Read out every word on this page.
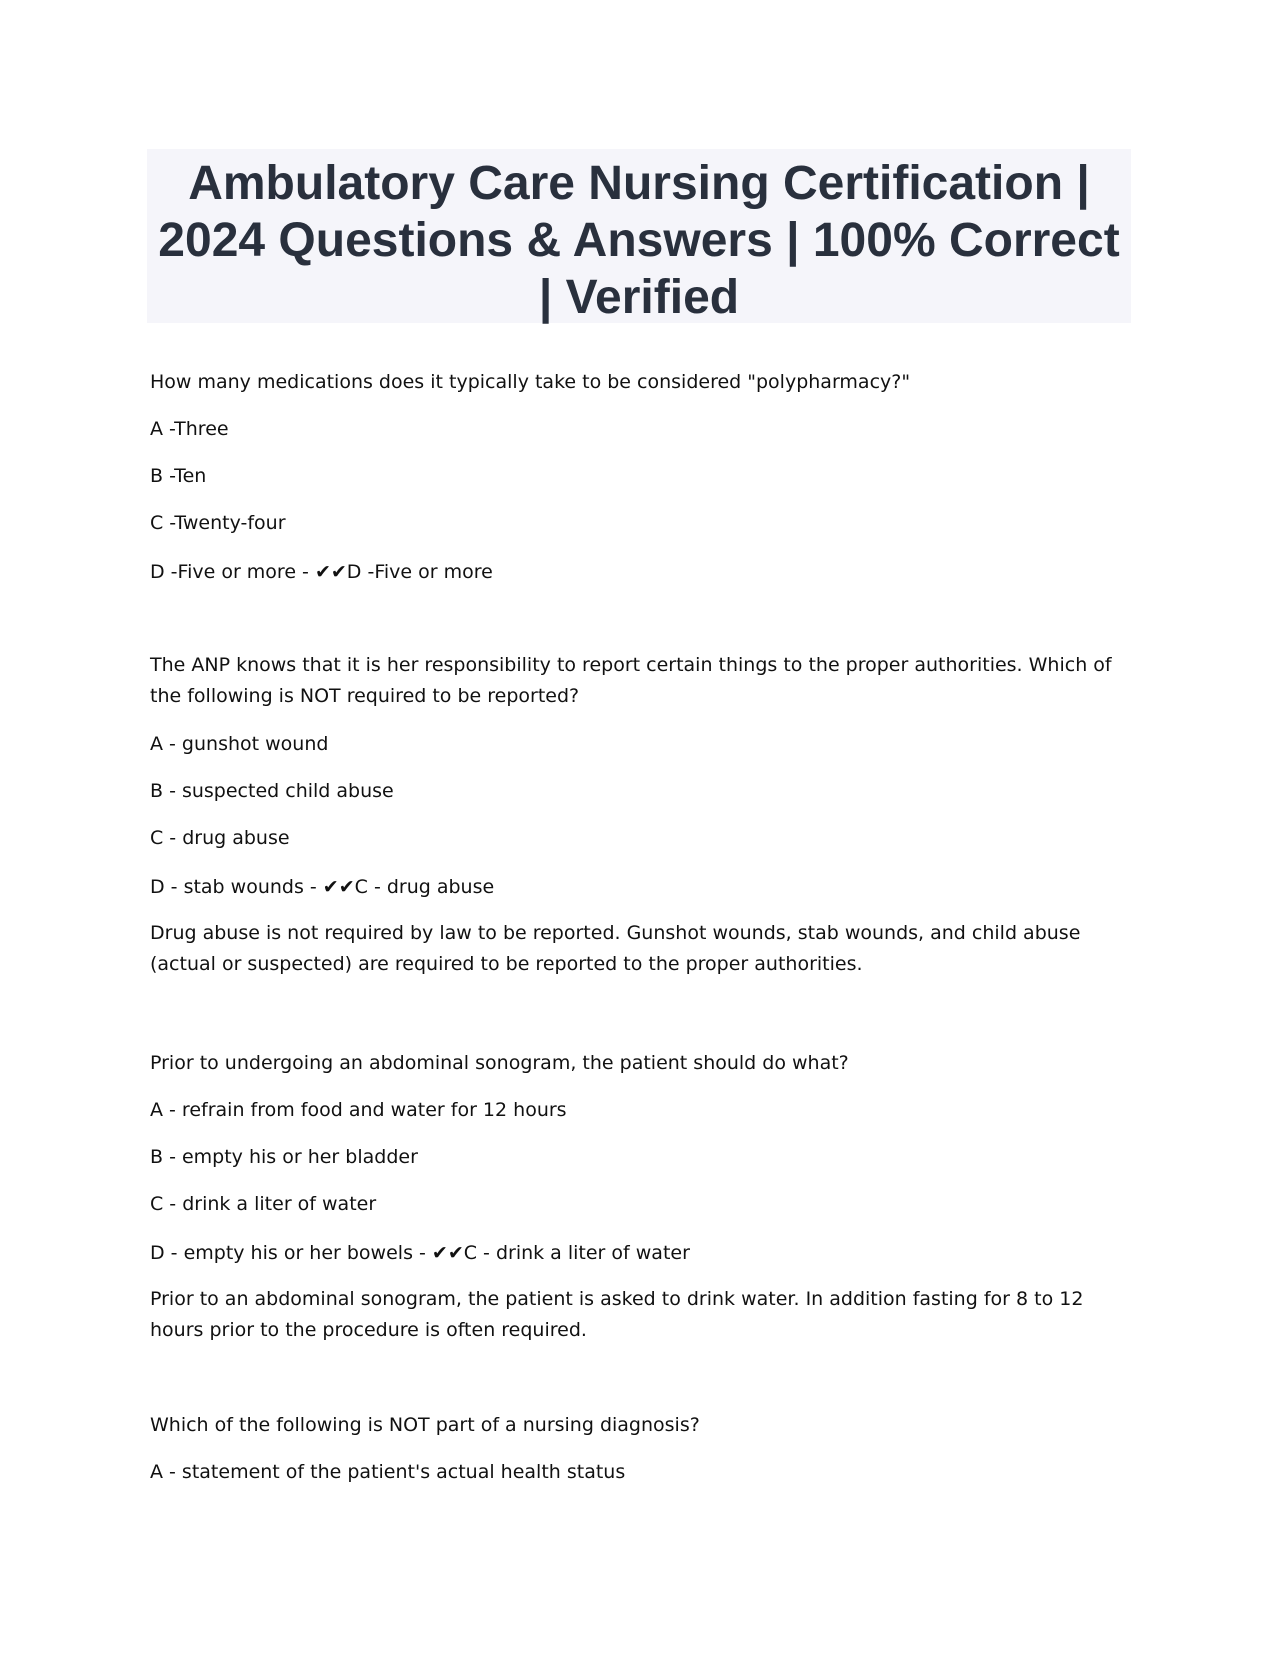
Ambulatory Care Nursing Certification | 2024 Questions & Answers | 100% Correct | Verified
How many medications does it typically take to be considered "polypharmacy?"
A -Three
B -Ten
C -Twenty-four
D -Five or more - ✔✔D -Five or more
The ANP knows that it is her responsibility to report certain things to the proper authorities. Which of the following is NOT required to be reported?
A - gunshot wound
B - suspected child abuse
C - drug abuse
D - stab wounds - ✔✔C - drug abuse
Drug abuse is not required by law to be reported. Gunshot wounds, stab wounds, and child abuse (actual or suspected) are required to be reported to the proper authorities.
Prior to undergoing an abdominal sonogram, the patient should do what?
A - refrain from food and water for 12 hours
B - empty his or her bladder
C - drink a liter of water
D - empty his or her bowels - ✔✔C - drink a liter of water
Prior to an abdominal sonogram, the patient is asked to drink water. In addition fasting for 8 to 12 hours prior to the procedure is often required.
Which of the following is NOT part of a nursing diagnosis?
A - statement of the patient's actual health status
